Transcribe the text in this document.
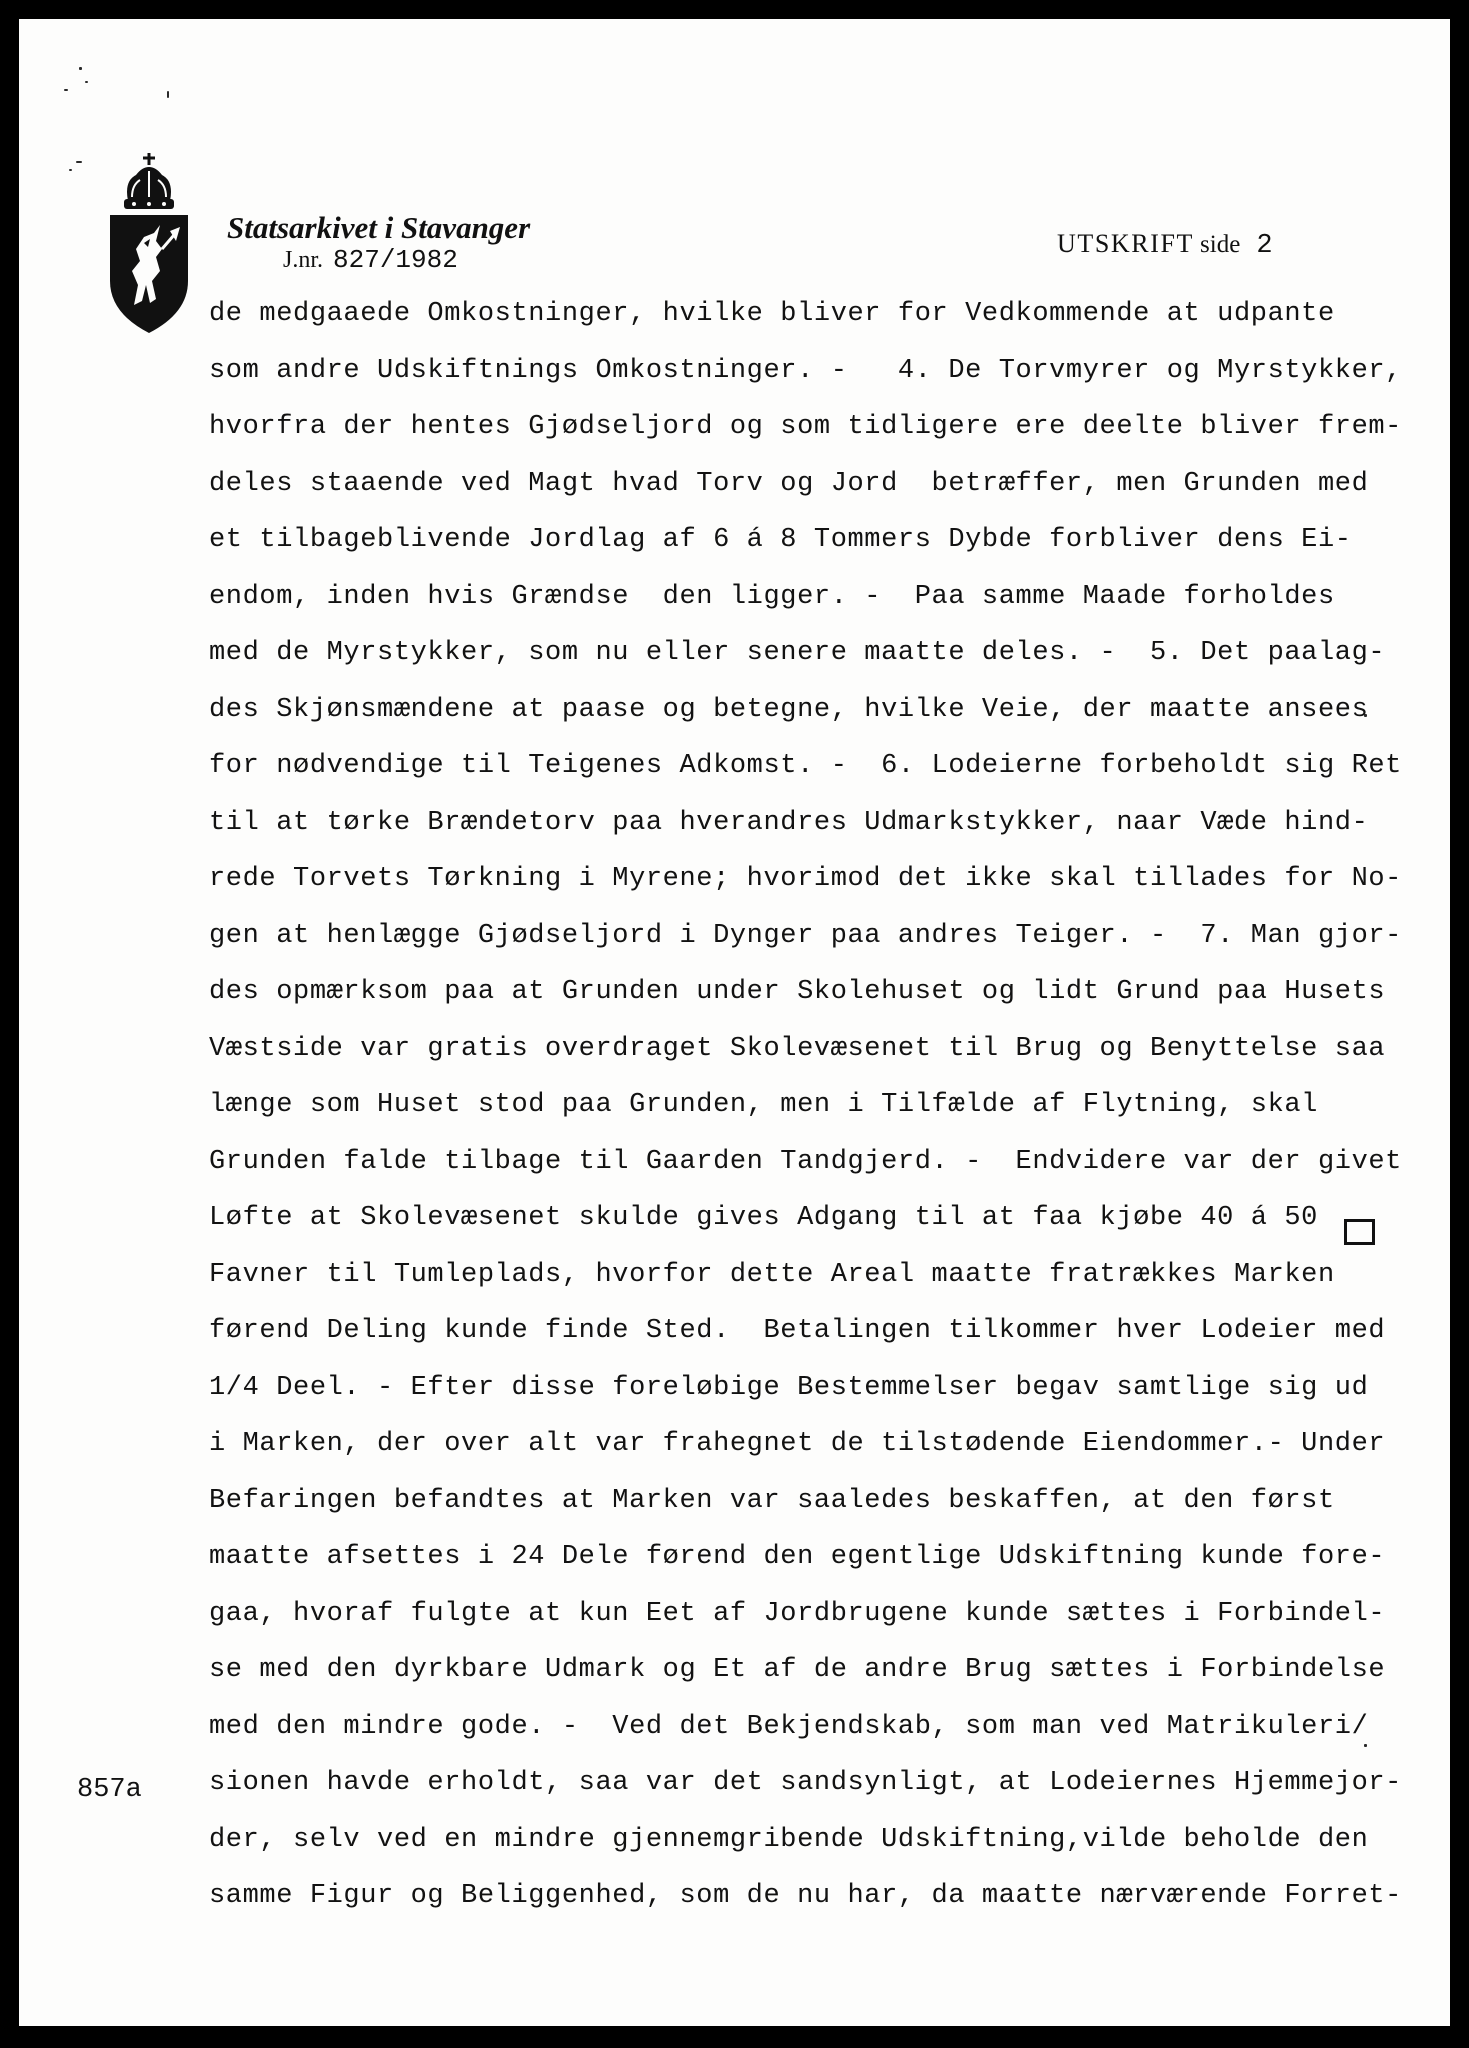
Statsarkivet i Stavanger
J.nr. 827/1982
UTSKRIFT side 2
de medgaaede Omkostninger, hvilke bliver for Vedkommende at udpante
som andre Udskiftnings Omkostninger. -   4. De Torvmyrer og Myrstykker,
hvorfra der hentes Gjødseljord og som tidligere ere deelte bliver frem-
deles staaende ved Magt hvad Torv og Jord  betræffer, men Grunden med
et tilbageblivende Jordlag af 6 á 8 Tommers Dybde forbliver dens Ei-
endom, inden hvis Grændse  den ligger. -  Paa samme Maade forholdes
med de Myrstykker, som nu eller senere maatte deles. -  5. Det paalag-
des Skjønsmændene at paase og betegne, hvilke Veie, der maatte ansees
for nødvendige til Teigenes Adkomst. -  6. Lodeierne forbeholdt sig Ret
til at tørke Brændetorv paa hverandres Udmarkstykker, naar Væde hind-
rede Torvets Tørkning i Myrene; hvorimod det ikke skal tillades for No-
gen at henlægge Gjødseljord i Dynger paa andres Teiger. -  7. Man gjor-
des opmærksom paa at Grunden under Skolehuset og lidt Grund paa Husets
Væstside var gratis overdraget Skolevæsenet til Brug og Benyttelse saa
længe som Huset stod paa Grunden, men i Tilfælde af Flytning, skal
Grunden falde tilbage til Gaarden Tandgjerd. -  Endvidere var der givet
Løfte at Skolevæsenet skulde gives Adgang til at faa kjøbe 40 á 50
Favner til Tumleplads, hvorfor dette Areal maatte fratrækkes Marken
førend Deling kunde finde Sted.  Betalingen tilkommer hver Lodeier med
1/4 Deel. - Efter disse foreløbige Bestemmelser begav samtlige sig ud
i Marken, der over alt var frahegnet de tilstødende Eiendommer.- Under
Befaringen befandtes at Marken var saaledes beskaffen, at den først
maatte afsettes i 24 Dele førend den egentlige Udskiftning kunde fore-
gaa, hvoraf fulgte at kun Eet af Jordbrugene kunde sættes i Forbindel-
se med den dyrkbare Udmark og Et af de andre Brug sættes i Forbindelse
med den mindre gode. -  Ved det Bekjendskab, som man ved Matrikuleri/
sionen havde erholdt, saa var det sandsynligt, at Lodeiernes Hjemmejor-
der, selv ved en mindre gjennemgribende Udskiftning,vilde beholde den
samme Figur og Beliggenhed, som de nu har, da maatte nærværende Forret-
857a
